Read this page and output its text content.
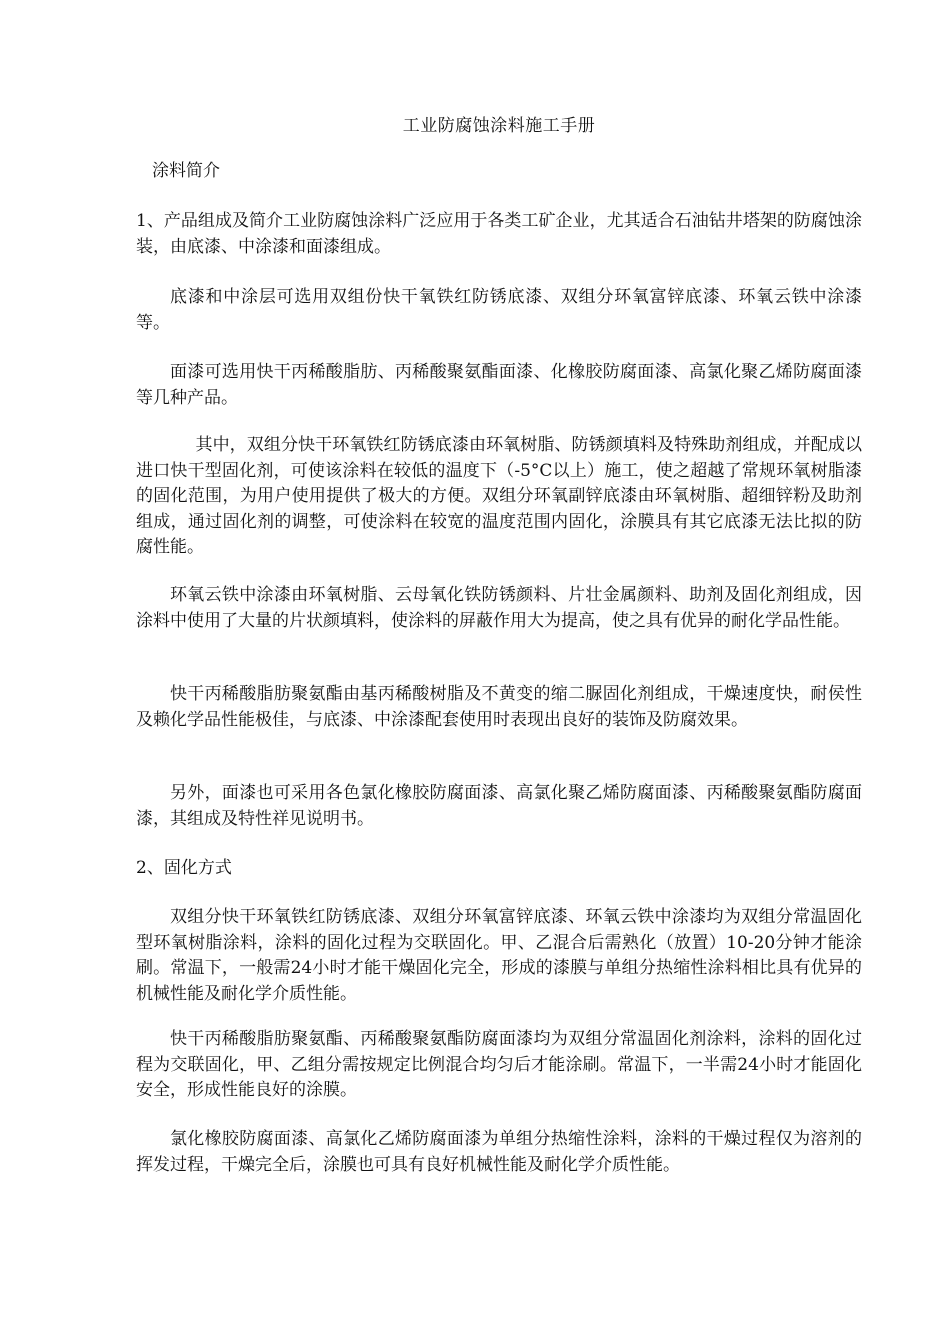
工业防腐蚀涂料施工手册

涂料简介

1、产品组成及简介工业防腐蚀涂料广泛应用于各类工矿企业，尤其适合石油钻井塔架的防腐蚀涂装，由底漆、中涂漆和面漆组成。

底漆和中涂层可选用双组份快干氧铁红防锈底漆、双组分环氧富锌底漆、环氧云铁中涂漆等。

面漆可选用快干丙稀酸脂肪、丙稀酸聚氨酯面漆、化橡胶防腐面漆、高氯化聚乙烯防腐面漆等几种产品。

其中，双组分快干环氧铁红防锈底漆由环氧树脂、防锈颜填料及特殊助剂组成，并配成以进口快干型固化剂，可使该涂料在较低的温度下（-5°C以上）施工，使之超越了常规环氧树脂漆的固化范围，为用户使用提供了极大的方便。双组分环氧副锌底漆由环氧树脂、超细锌粉及助剂组成，通过固化剂的调整，可使涂料在较宽的温度范围内固化，涂膜具有其它底漆无法比拟的防腐性能。

环氧云铁中涂漆由环氧树脂、云母氧化铁防锈颜料、片壮金属颜料、助剂及固化剂组成，因涂料中使用了大量的片状颜填料，使涂料的屏蔽作用大为提高，使之具有优异的耐化学品性能。

快干丙稀酸脂肪聚氨酯由基丙稀酸树脂及不黄变的缩二脲固化剂组成，干燥速度快，耐侯性及赖化学品性能极佳，与底漆、中涂漆配套使用时表现出良好的装饰及防腐效果。

另外，面漆也可采用各色氯化橡胶防腐面漆、高氯化聚乙烯防腐面漆、丙稀酸聚氨酯防腐面漆，其组成及特性祥见说明书。

2、固化方式

双组分快干环氧铁红防锈底漆、双组分环氧富锌底漆、环氧云铁中涂漆均为双组分常温固化型环氧树脂涂料，涂料的固化过程为交联固化。甲、乙混合后需熟化（放置）10-20分钟才能涂刷。常温下，一般需24小时才能干燥固化完全，形成的漆膜与单组分热缩性涂料相比具有优异的机械性能及耐化学介质性能。

快干丙稀酸脂肪聚氨酯、丙稀酸聚氨酯防腐面漆均为双组分常温固化剂涂料，涂料的固化过程为交联固化，甲、乙组分需按规定比例混合均匀后才能涂刷。常温下，一半需24小时才能固化安全，形成性能良好的涂膜。

氯化橡胶防腐面漆、高氯化乙烯防腐面漆为单组分热缩性涂料，涂料的干燥过程仅为溶剂的挥发过程，干燥完全后，涂膜也可具有良好机械性能及耐化学介质性能。
